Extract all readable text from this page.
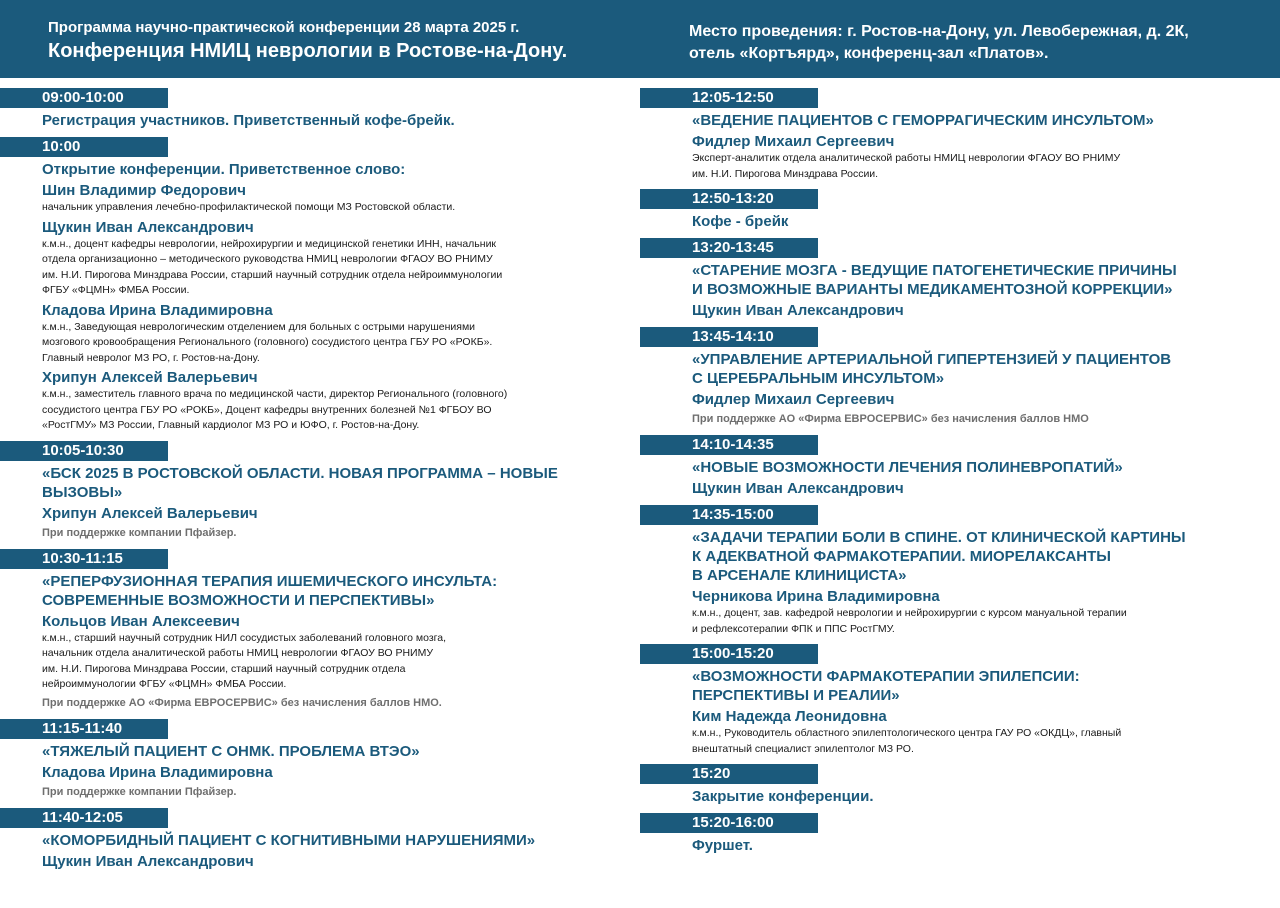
Программа научно-практической конференции 28 марта 2025 г.
Конференция НМИЦ неврологии в Ростове-на-Дону.
Место проведения: г. Ростов-на-Дону, ул. Левобережная, д. 2К,
отель «Кортъярд», конференц-зал «Платов».
09:00-10:00
Регистрация участников. Приветственный кофе-брейк.
10:00
Открытие конференции. Приветственное слово:
Шин Владимир Федорович
начальник управления лечебно-профилактической помощи МЗ Ростовской области.
Щукин Иван Александрович
к.м.н., доцент кафедры неврологии, нейрохирургии и медицинской генетики ИНН, начальник
отдела организационно – методического руководства НМИЦ неврологии ФГАОУ ВО РНИМУ
им. Н.И. Пирогова Минздрава России, старший научный сотрудник отдела нейроиммунологии
ФГБУ «ФЦМН» ФМБА России.
Кладова Ирина Владимировна
к.м.н., Заведующая неврологическим отделением для больных с острыми нарушениями
мозгового кровообращения Регионального (головного) сосудистого центра ГБУ РО «РОКБ».
Главный невролог МЗ РО, г. Ростов-на-Дону.
Хрипун Алексей Валерьевич
к.м.н., заместитель главного врача по медицинской части, директор Регионального (головного)
сосудистого центра ГБУ РО «РОКБ», Доцент кафедры внутренних болезней №1 ФГБОУ ВО
«РостГМУ» МЗ России, Главный кардиолог МЗ РО и ЮФО, г. Ростов-на-Дону.
10:05-10:30
«БСК 2025 В РОСТОВСКОЙ ОБЛАСТИ. НОВАЯ ПРОГРАММА – НОВЫЕ
ВЫЗОВЫ»
Хрипун Алексей Валерьевич
При поддержке компании Пфайзер.
10:30-11:15
«РЕПЕРФУЗИОННАЯ ТЕРАПИЯ ИШЕМИЧЕСКОГО ИНСУЛЬТА:
СОВРЕМЕННЫЕ ВОЗМОЖНОСТИ И ПЕРСПЕКТИВЫ»
Кольцов Иван Алексеевич
к.м.н., старший научный сотрудник НИЛ сосудистых заболеваний головного мозга,
начальник отдела аналитической работы НМИЦ неврологии ФГАОУ ВО РНИМУ
им. Н.И. Пирогова Минздрава России, старший научный сотрудник отдела
нейроиммунологии ФГБУ «ФЦМН» ФМБА России.
При поддержке АО «Фирма ЕВРОСЕРВИС» без начисления баллов НМО.
11:15-11:40
«ТЯЖЕЛЫЙ ПАЦИЕНТ С ОНМК. ПРОБЛЕМА ВТЭО»
Кладова Ирина Владимировна
При поддержке компании Пфайзер.
11:40-12:05
«КОМОРБИДНЫЙ ПАЦИЕНТ С КОГНИТИВНЫМИ НАРУШЕНИЯМИ»
Щукин Иван Александрович
12:05-12:50
«ВЕДЕНИЕ ПАЦИЕНТОВ С ГЕМОРРАГИЧЕСКИМ ИНСУЛЬТОМ»
Фидлер Михаил Сергеевич
Эксперт-аналитик отдела аналитической работы НМИЦ неврологии ФГАОУ ВО РНИМУ
им. Н.И. Пирогова Минздрава России.
12:50-13:20
Кофе - брейк
13:20-13:45
«СТАРЕНИЕ МОЗГА - ВЕДУЩИЕ ПАТОГЕНЕТИЧЕСКИЕ ПРИЧИНЫ
И ВОЗМОЖНЫЕ ВАРИАНТЫ МЕДИКАМЕНТОЗНОЙ КОРРЕКЦИИ»
Щукин Иван Александрович
13:45-14:10
«УПРАВЛЕНИЕ АРТЕРИАЛЬНОЙ ГИПЕРТЕНЗИЕЙ У ПАЦИЕНТОВ
С ЦЕРЕБРАЛЬНЫМ ИНСУЛЬТОМ»
Фидлер Михаил Сергеевич
При поддержке АО «Фирма ЕВРОСЕРВИС» без начисления баллов НМО
14:10-14:35
«НОВЫЕ ВОЗМОЖНОСТИ ЛЕЧЕНИЯ ПОЛИНЕВРОПАТИЙ»
Щукин Иван Александрович
14:35-15:00
«ЗАДАЧИ ТЕРАПИИ БОЛИ В СПИНЕ. ОТ КЛИНИЧЕСКОЙ КАРТИНЫ
К АДЕКВАТНОЙ ФАРМАКОТЕРАПИИ. МИОРЕЛАКСАНТЫ
В АРСЕНАЛЕ КЛИНИЦИСТА»
Черникова Ирина Владимировна
к.м.н., доцент, зав. кафедрой неврологии и нейрохирургии с курсом мануальной терапии
и рефлексотерапии ФПК и ППС РостГМУ.
15:00-15:20
«ВОЗМОЖНОСТИ ФАРМАКОТЕРАПИИ ЭПИЛЕПСИИ:
ПЕРСПЕКТИВЫ И РЕАЛИИ»
Ким Надежда Леонидовна
к.м.н., Руководитель областного эпилептологического центра ГАУ РО «ОКДЦ», главный
внештатный специалист эпилептолог МЗ РО.
15:20
Закрытие конференции.
15:20-16:00
Фуршет.
